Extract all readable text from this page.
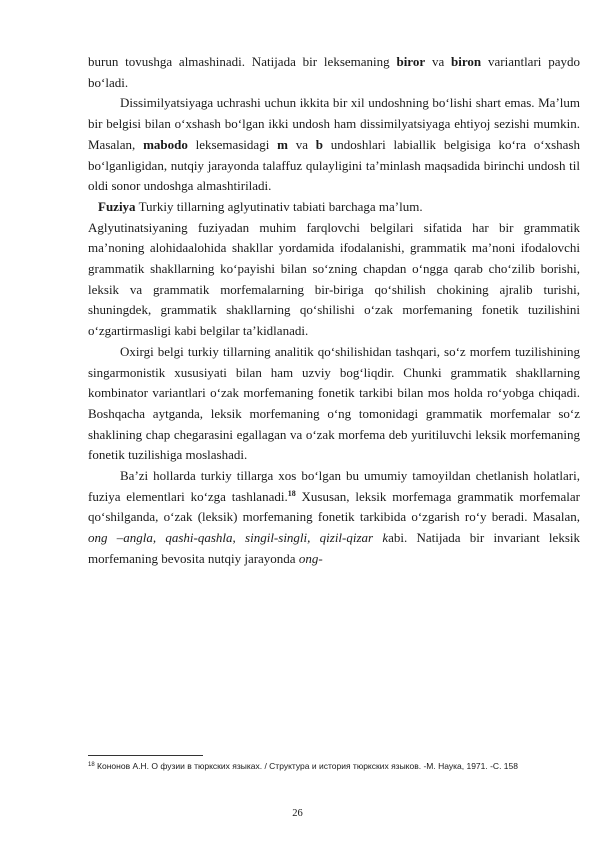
burun tovushga almashinadi. Natijada bir leksemaning biror va biron variantlari paydo bo‘ladi.

Dissimilyatsiyaga uchrashi uchun ikkita bir xil undoshning bo‘lishi shart emas. Ma’lum bir belgisi bilan o‘xshash bo‘lgan ikki undosh ham dissimilyatsiyaga ehtiyoj sezishi mumkin. Masalan, mabodo leksemasidagi m va b undoshlari labiallik belgisiga ko‘ra o‘xshash bo‘lganligidan, nutqiy jarayonda talaffuz qulayligini ta’minlash maqsadida birinchi undosh til oldi sonor undoshga almashtiriladi.

Fuziya Turkiy tillarning aglyutinativ tabiati barchaga ma’lum.

Aglyutinatsiyaning fuziyadan muhim farqlovchi belgilari sifatida har bir grammatik ma’noning alohidaalohida shakllar yordamida ifodalanishi, grammatik ma’noni ifodalovchi grammatik shakllarning ko‘payishi bilan so‘zning chapdan o‘ngga qarab cho‘zilib borishi, leksik va grammatik morfemalarning bir-biriga qo‘shilish chokining ajralib turishi, shuningdek, grammatik shakllarning qo‘shilishi o‘zak morfemaning fonetik tuzilishini o‘zgartirmasligi kabi belgilar ta’kidlanadi.

Oxirgi belgi turkiy tillarning analitik qo‘shilishidan tashqari, so‘z morfem tuzilishining singarmonistik xususiyati bilan ham uzviy bog‘liqdir. Chunki grammatik shakllarning kombinator variantlari o‘zak morfemaning fonetik tarkibi bilan mos holda ro‘yobga chiqadi. Boshqacha aytganda, leksik morfemaning o‘ng tomonidagi grammatik morfemalar so‘z shaklining chap chegarasini egallagan va o‘zak morfema deb yuritiluvchi leksik morfemaning fonetik tuzilishiga moslashadi.

Ba’zi hollarda turkiy tillarga xos bo‘lgan bu umumiy tamoyildan chetlanish holatlari, fuziya elementlari ko‘zga tashlanadi.$^{18}$ Xususan, leksik morfemaga grammatik morfemalar qo‘shilganda, o‘zak (leksik) morfemaning fonetik tarkibida o‘zgarish ro‘y beradi. Masalan, ong –angla, qashi-qashla, singil-singli, qizil-qizar kabi. Natijada bir invariant leksik morfemaning bevosita nutqiy jarayonda ong-

$^{18}$ Кононов А.Н. О фузии в тюркских языках. / Структура и история тюркских языков. -М. Наука, 1971. -С. 158
26
